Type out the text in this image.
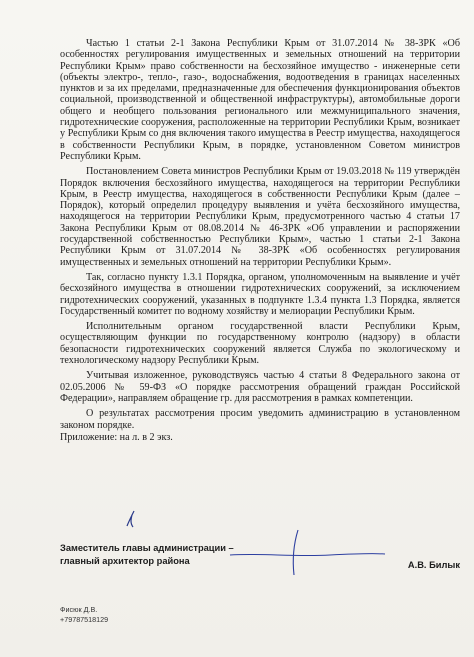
Частью 1 статьи 2-1 Закона Республики Крым от 31.07.2014 № 38-ЗРК «Об особенностях регулирования имущественных и земельных отношений на территории Республики Крым» право собственности на бесхозяйное имущество - инженерные сети (объекты электро-, тепло-, газо-, водоснабжения, водоотведения в границах населенных пунктов и за их пределами, предназначенные для обеспечения функционирования объектов социальной, производственной и общественной инфраструктуры), автомобильные дороги общего и необщего пользования регионального или межмуниципального значения, гидротехнические сооружения, расположенные на территории Республики Крым, возникает у Республики Крым со дня включения такого имущества в Реестр имущества, находящегося в собственности Республики Крым, в порядке, установленном Советом министров Республики Крым.

Постановлением Совета министров Республики Крым от 19.03.2018 № 119 утверждён Порядок включения бесхозяйного имущества, находящегося на территории Республики Крым, в Реестр имущества, находящегося в собственности Республики Крым (далее – Порядок), который определил процедуру выявления и учёта бесхозяйного имущества, находящегося на территории Республики Крым, предусмотренного частью 4 статьи 17 Закона Республики Крым от 08.08.2014 № 46-ЗРК «Об управлении и распоряжении государственной собственностью Республики Крым», частью 1 статьи 2-1 Закона Республики Крым от 31.07.2014 № 38-ЗРК «Об особенностях регулирования имущественных и земельных отношений на территории Республики Крым».

Так, согласно пункту 1.3.1 Порядка, органом, уполномоченным на выявление и учёт бесхозяйного имущества в отношении гидротехнических сооружений, за исключением гидротехнических сооружений, указанных в подпункте 1.3.4 пункта 1.3 Порядка, является Государственный комитет по водному хозяйству и мелиорации Республики Крым.

Исполнительным органом государственной власти Республики Крым, осуществляющим функции по государственному контролю (надзору) в области безопасности гидротехнических сооружений является Служба по экологическому и технологическому надзору Республики Крым.

Учитывая изложенное, руководствуясь частью 4 статьи 8 Федерального закона от 02.05.2006 № 59-ФЗ «О порядке рассмотрения обращений граждан Российской Федерации», направляем обращение гр. для рассмотрения в рамках компетенции.

О результатах рассмотрения просим уведомить администрацию в установленном законом порядке.

Приложение: на л. в 2 экз.

Заместитель главы администрации –
главный архитектор района	А.В. Билык
Фисюк Д.В.
+79787518129
